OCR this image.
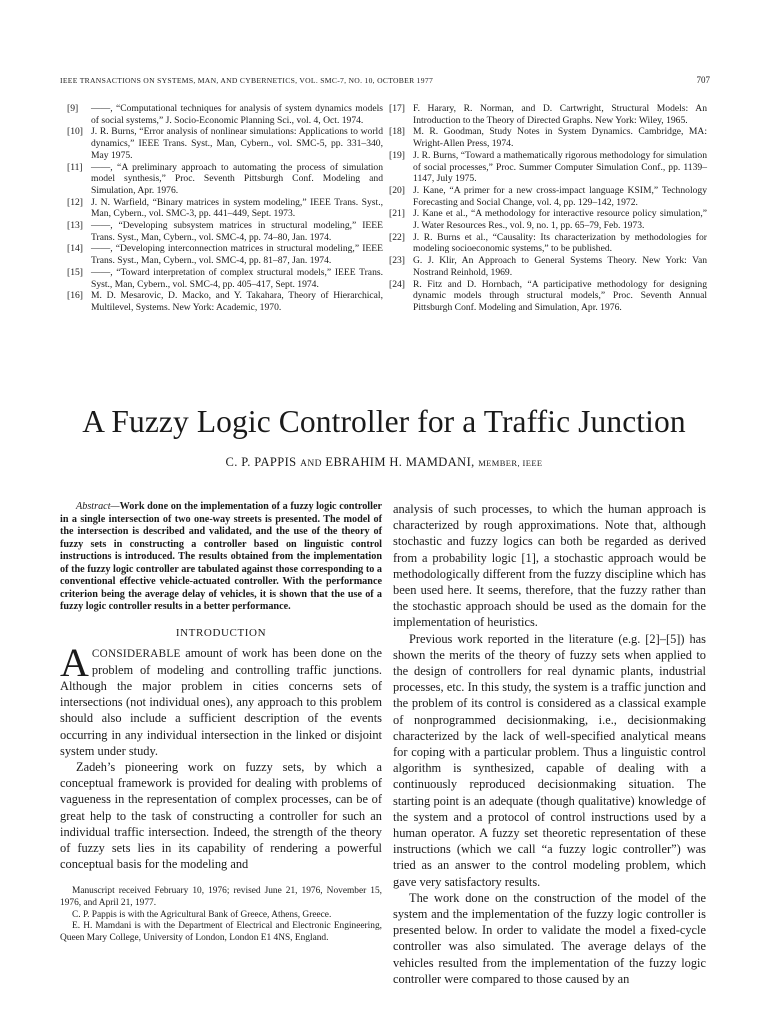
IEEE TRANSACTIONS ON SYSTEMS, MAN, AND CYBERNETICS, VOL. SMC-7, NO. 10, OCTOBER 1977	707
[9]	——, “Computational techniques for analysis of system dynamics models of social systems,” J. Socio-Economic Planning Sci., vol. 4, Oct. 1974.
[10] J. R. Burns, “Error analysis of nonlinear simulations: Applications to world dynamics,” IEEE Trans. Syst., Man, Cybern., vol. SMC-5, pp. 331–340, May 1975.
[11] ——, “A preliminary approach to automating the process of simulation model synthesis,” Proc. Seventh Pittsburgh Conf. Modeling and Simulation, Apr. 1976.
[12] J. N. Warfield, “Binary matrices in system modeling,” IEEE Trans. Syst., Man, Cybern., vol. SMC-3, pp. 441–449, Sept. 1973.
[13] ——, “Developing subsystem matrices in structural modeling,” IEEE Trans. Syst., Man, Cybern., vol. SMC-4, pp. 74–80, Jan. 1974.
[14] ——, “Developing interconnection matrices in structural modeling,” IEEE Trans. Syst., Man, Cybern., vol. SMC-4, pp. 81–87, Jan. 1974.
[15] ——, “Toward interpretation of complex structural models,” IEEE Trans. Syst., Man, Cybern., vol. SMC-4, pp. 405–417, Sept. 1974.
[16] M. D. Mesarovic, D. Macko, and Y. Takahara, Theory of Hierarchical, Multilevel, Systems. New York: Academic, 1970.
[17] F. Harary, R. Norman, and D. Cartwright, Structural Models: An Introduction to the Theory of Directed Graphs. New York: Wiley, 1965.
[18] M. R. Goodman, Study Notes in System Dynamics. Cambridge, MA: Wright-Allen Press, 1974.
[19] J. R. Burns, “Toward a mathematically rigorous methodology for simulation of social processes,” Proc. Summer Computer Simulation Conf., pp. 1139–1147, July 1975.
[20] J. Kane, “A primer for a new cross-impact language KSIM,” Technology Forecasting and Social Change, vol. 4, pp. 129–142, 1972.
[21] J. Kane et al., “A methodology for interactive resource policy simulation,” J. Water Resources Res., vol. 9, no. 1, pp. 65–79, Feb. 1973.
[22] J. R. Burns et al., “Causality: Its characterization by methodologies for modeling socioeconomic systems,” to be published.
[23] G. J. Klir, An Approach to General Systems Theory. New York: Van Nostrand Reinhold, 1969.
[24] R. Fitz and D. Hornbach, “A participative methodology for designing dynamic models through structural models,” Proc. Seventh Annual Pittsburgh Conf. Modeling and Simulation, Apr. 1976.
A Fuzzy Logic Controller for a Traffic Junction
C. P. PAPPIS AND EBRAHIM H. MAMDANI, MEMBER, IEEE

Abstract—Work done on the implementation of a fuzzy logic controller in a single intersection of two one-way streets is presented. The model of the intersection is described and validated, and the use of the theory of fuzzy sets in constructing a controller based on linguistic control instructions is introduced. The results obtained from the implementation of the fuzzy logic controller are tabulated against those corresponding to a conventional effective vehicle-actuated controller. With the performance criterion being the average delay of vehicles, it is shown that the use of a fuzzy logic controller results in a better performance.

INTRODUCTION

ACONSIDERABLE amount of work has been done on the problem of modeling and controlling traffic junctions. Although the major problem in cities concerns sets of intersections (not individual ones), any approach to this problem should also include a sufficient description of the events occurring in any individual intersection in the linked or disjoint system under study.

Zadeh’s pioneering work on fuzzy sets, by which a conceptual framework is provided for dealing with problems of vagueness in the representation of complex processes, can be of great help to the task of constructing a controller for such an individual traffic intersection. Indeed, the strength of the theory of fuzzy sets lies in its capability of rendering a powerful conceptual basis for the modeling and

Manuscript received February 10, 1976; revised June 21, 1976, November 15, 1976, and April 21, 1977.

C. P. Pappis is with the Agricultural Bank of Greece, Athens, Greece.

E. H. Mamdani is with the Department of Electrical and Electronic Engineering, Queen Mary College, University of London, London E1 4NS, England.

analysis of such processes, to which the human approach is characterized by rough approximations. Note that, although stochastic and fuzzy logics can both be regarded as derived from a probability logic [1], a stochastic approach would be methodologically different from the fuzzy discipline which has been used here. It seems, therefore, that the fuzzy rather than the stochastic approach should be used as the domain for the implementation of heuristics.

Previous work reported in the literature (e.g. [2]–[5]) has shown the merits of the theory of fuzzy sets when applied to the design of controllers for real dynamic plants, industrial processes, etc. In this study, the system is a traffic junction and the problem of its control is considered as a classical example of nonprogrammed decisionmaking, i.e., decisionmaking characterized by the lack of well-specified analytical means for coping with a particular problem. Thus a linguistic control algorithm is synthesized, capable of dealing with a continuously reproduced decisionmaking situation. The starting point is an adequate (though qualitative) knowledge of the system and a protocol of control instructions used by a human operator. A fuzzy set theoretic representation of these instructions (which we call “a fuzzy logic controller”) was tried as an answer to the control modeling problem, which gave very satisfactory results.

The work done on the construction of the model of the system and the implementation of the fuzzy logic controller is presented below. In order to validate the model a fixed-cycle controller was also simulated. The average delays of the vehicles resulted from the implementation of the fuzzy logic controller were compared to those caused by an
